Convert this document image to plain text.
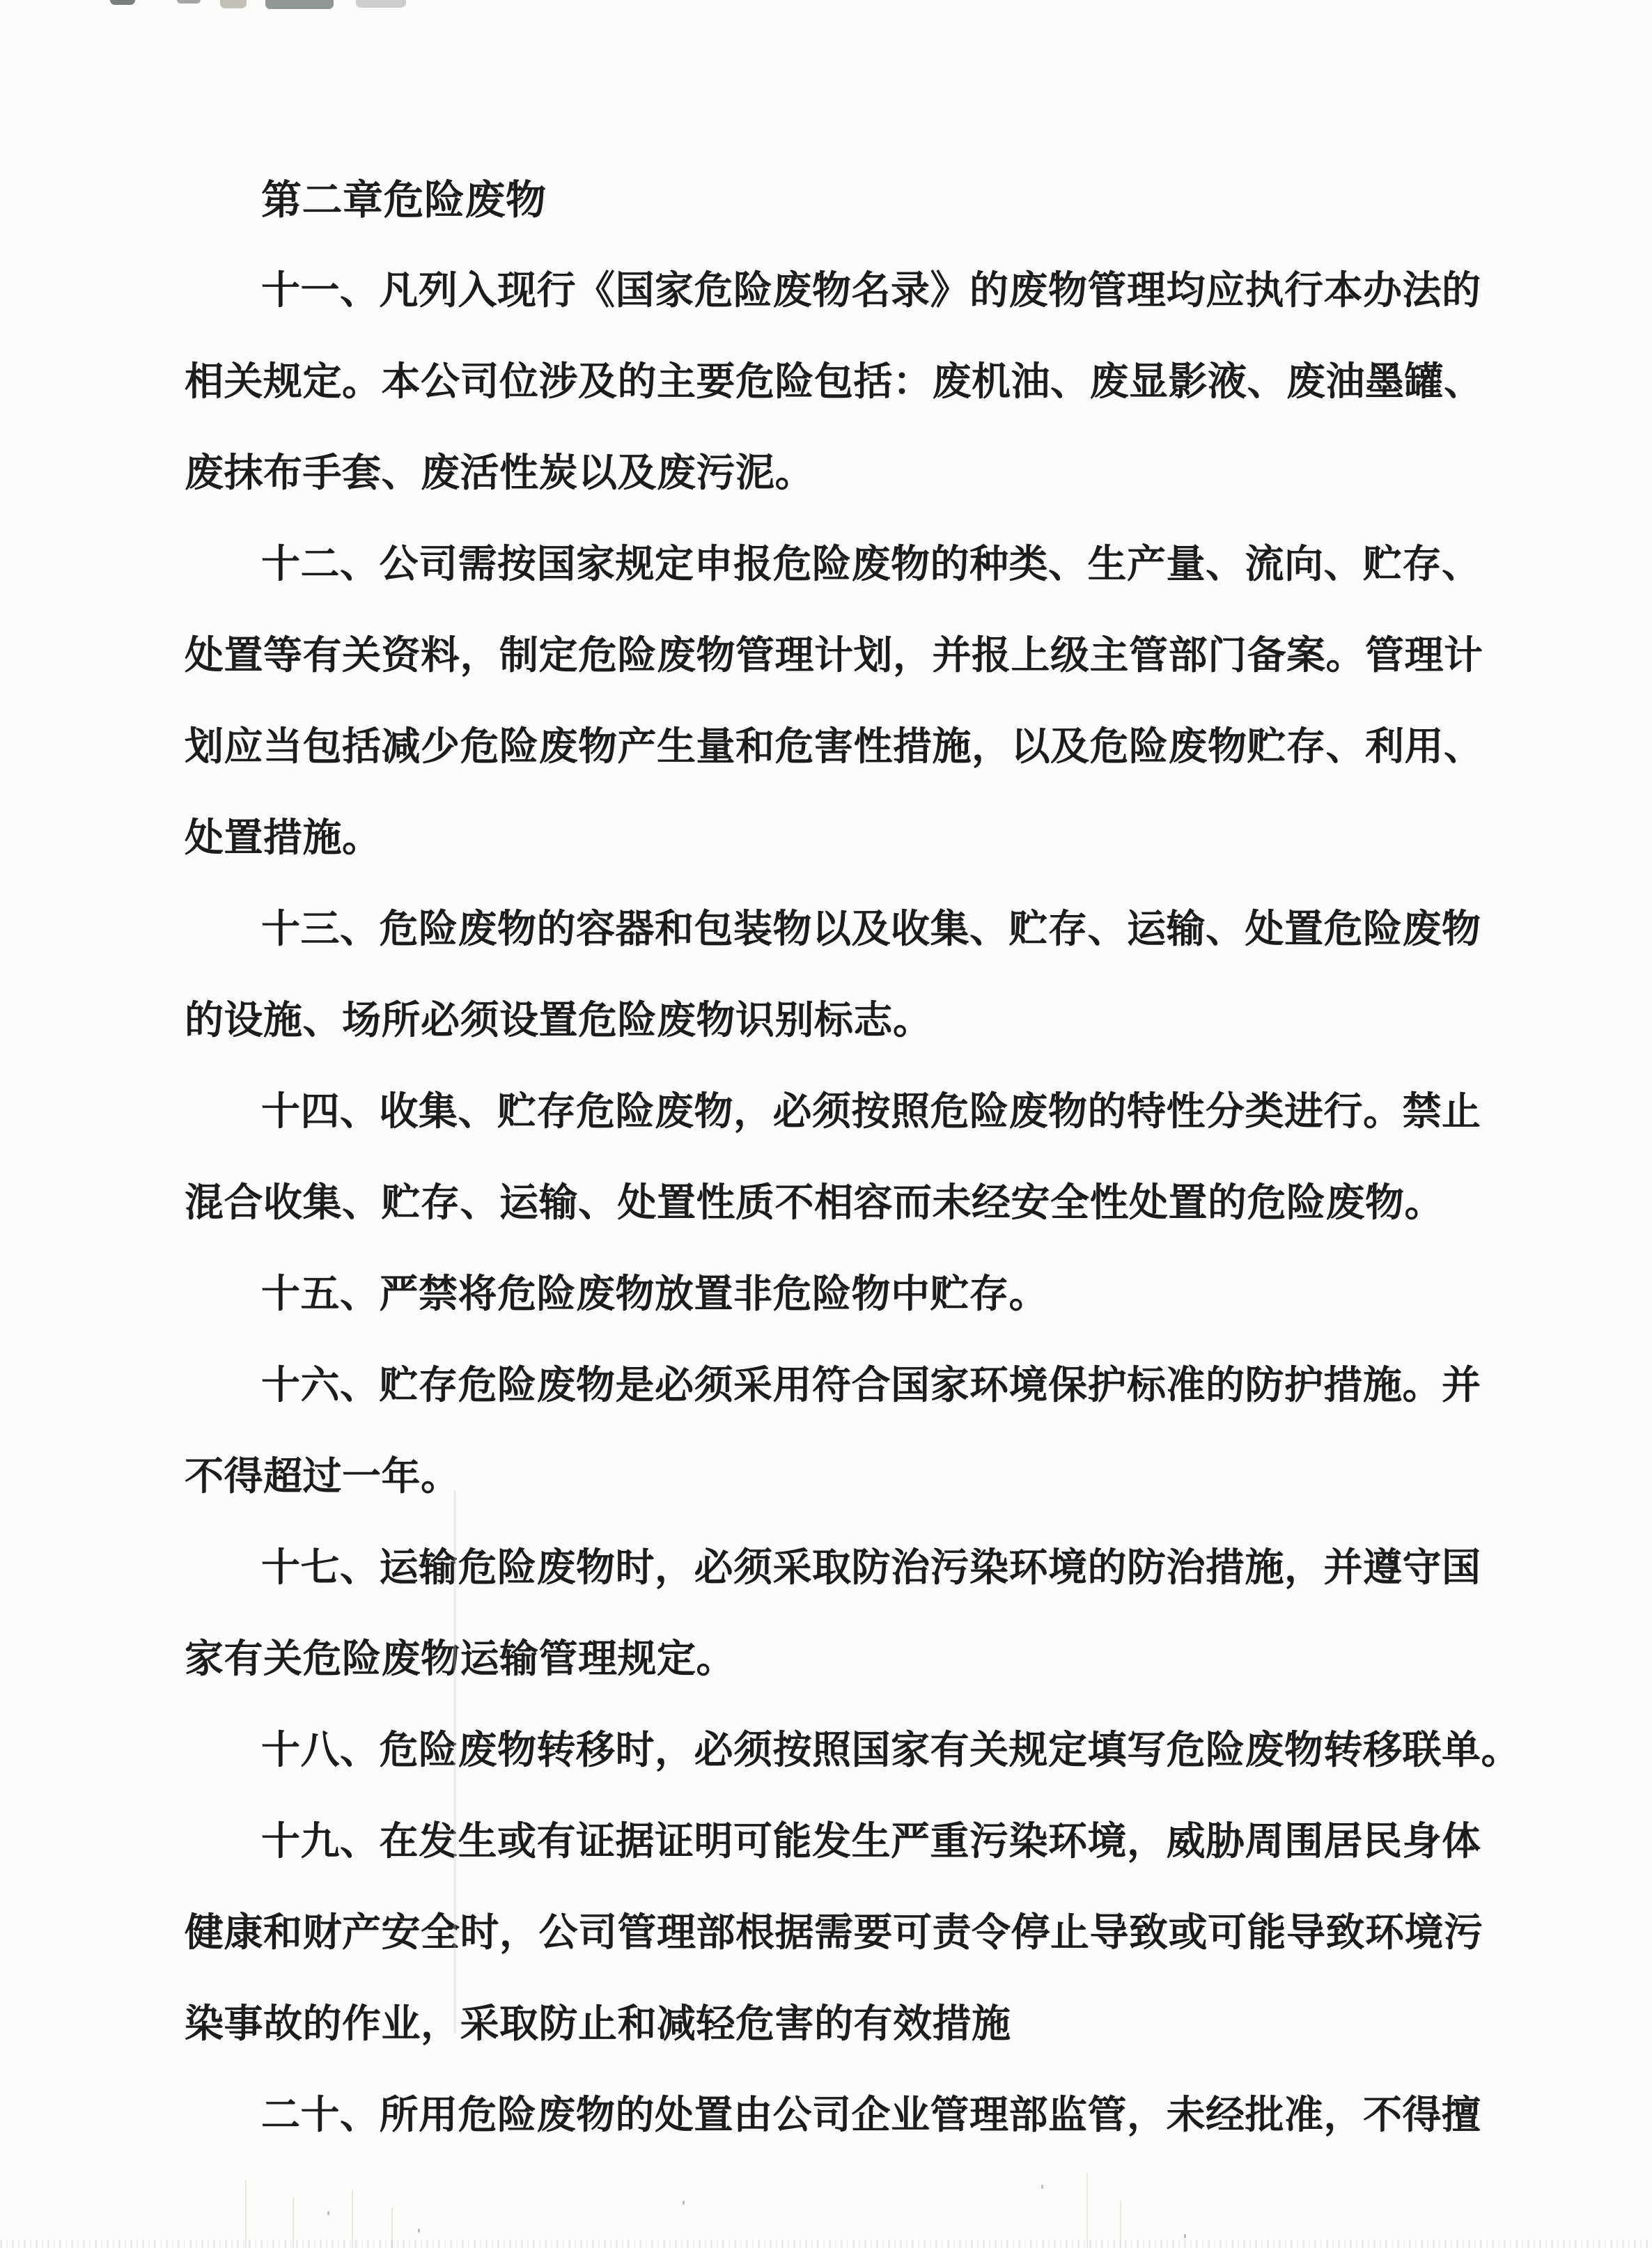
第二章危险废物
十一、凡列入现行《国家危险废物名录》的废物管理均应执行本办法的
相关规定。本公司位涉及的主要危险包括：废机油、废显影液、废油墨罐、
废抹布手套、废活性炭以及废污泥。
十二、公司需按国家规定申报危险废物的种类、生产量、流向、贮存、
处置等有关资料，制定危险废物管理计划，并报上级主管部门备案。管理计
划应当包括减少危险废物产生量和危害性措施，以及危险废物贮存、利用、
处置措施。
十三、危险废物的容器和包装物以及收集、贮存、运输、处置危险废物
的设施、场所必须设置危险废物识别标志。
十四、收集、贮存危险废物，必须按照危险废物的特性分类进行。禁止
混合收集、贮存、运输、处置性质不相容而未经安全性处置的危险废物。
十五、严禁将危险废物放置非危险物中贮存。
十六、贮存危险废物是必须采用符合国家环境保护标准的防护措施。并
不得超过一年。
十七、运输危险废物时，必须采取防治污染环境的防治措施，并遵守国
家有关危险废物运输管理规定。
十八、危险废物转移时，必须按照国家有关规定填写危险废物转移联单。
十九、在发生或有证据证明可能发生严重污染环境，威胁周围居民身体
健康和财产安全时，公司管理部根据需要可责令停止导致或可能导致环境污
染事故的作业，采取防止和减轻危害的有效措施
二十、所用危险废物的处置由公司企业管理部监管，未经批准，不得擅
